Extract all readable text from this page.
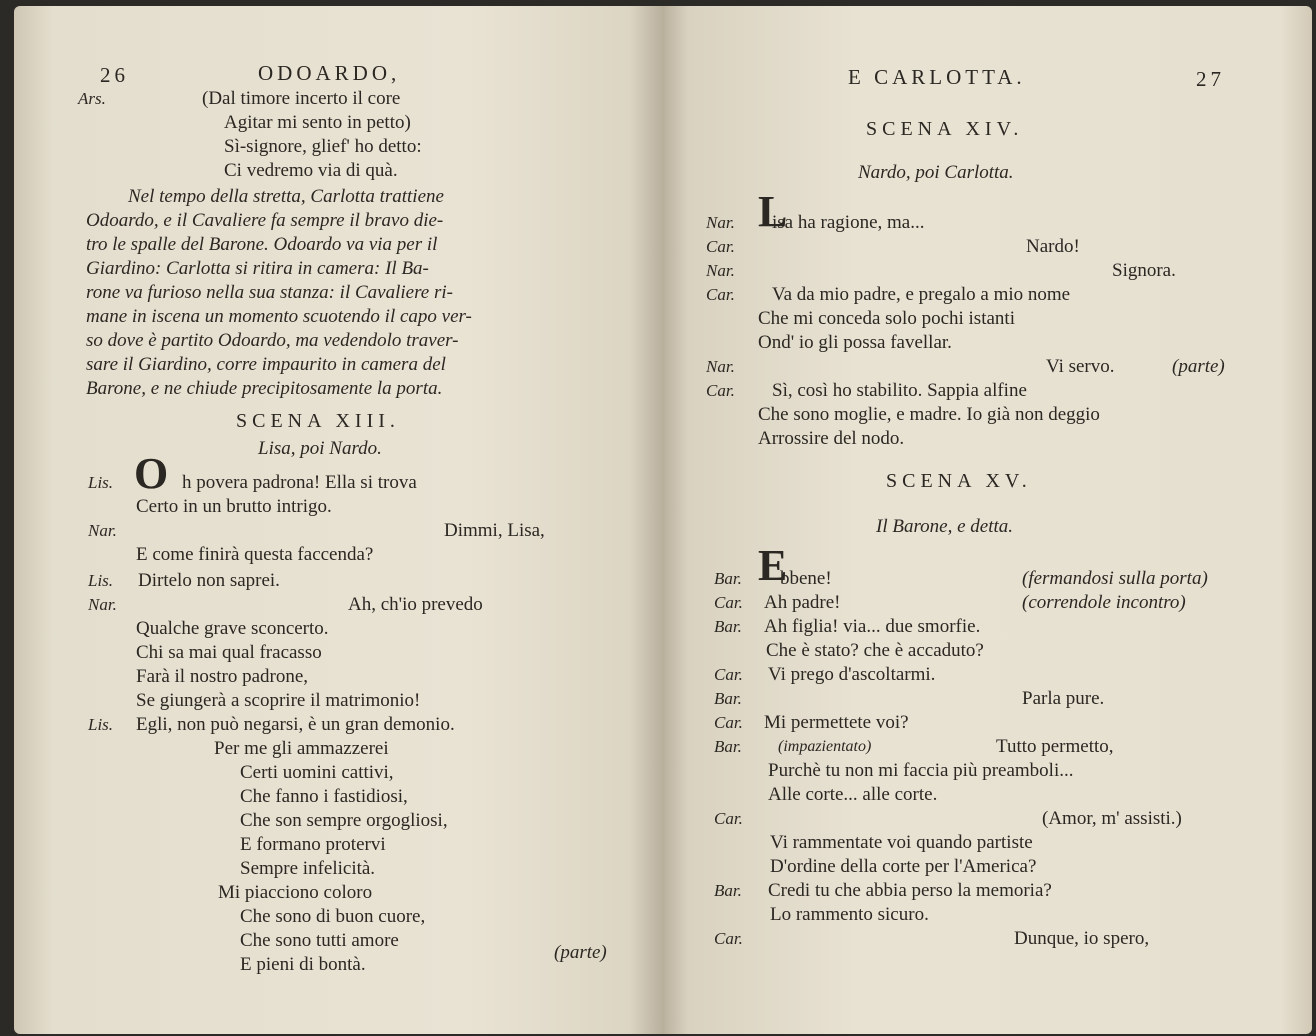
26	ODOARDO,
Ars.	(Dal timore incerto il core
Agitar mi sento in petto)
Sì-signore, glief' ho detto:
Ci vedremo via di quà.
Nel tempo della stretta, Carlotta trattiene
Odoardo, e il Cavaliere fa sempre il bravo die-
tro le spalle del Barone. Odoardo va via per il
Giardino: Carlotta si ritira in camera: Il Ba-
rone va furioso nella sua stanza: il Cavaliere ri-
mane in iscena un momento scuotendo il capo ver-
so dove è partito Odoardo, ma vedendolo traver-
sare il Giardino, corre impaurito in camera del
Barone, e ne chiude precipitosamente la porta.
SCENA XIII.
Lisa, poi Nardo.
Lis. O h povera padrona! Ella si trova
Certo in un brutto intrigo.
Nar.	Dimmi, Lisa,
E come finirà questa faccenda?
Lis. Dirtelo non saprei.
Nar.	Ah, ch'io prevedo
Qualche grave sconcerto.
Chi sa mai qual fracasso
Farà il nostro padrone,
Se giungerà a scoprire il matrimonio!
Lis. Egli, non può negarsi, è un gran demonio.
Per me gli ammazzerei
Certi uomini cattivi,
Che fanno i fastidiosi,
Che son sempre orgogliosi,
E formano protervi
Sempre infelicità.
Mi piacciono coloro
Che sono di buon cuore,
Che sono tutti amore
E pieni di bontà.
(parte)
E CARLOTTA.	27
SCENA XIV.
Nardo, poi Carlotta.
Nar. L
isa ha ragione, ma...
Car.	Nardo!
Nar.	Signora.
Car. Va da mio padre, e pregalo a mio nome
Che mi conceda solo pochi istanti
Ond' io gli possa favellar.
Nar.	Vi servo.	(parte)
Car. Sì, così ho stabilito. Sappia alfine
Che sono moglie, e madre. Io già non deggio
Arrossire del nodo.
SCENA XV.
Il Barone, e detta.
Bar. E
bbene!	(fermandosi sulla porta)
Car. Ah padre!	(correndole incontro)
Bar. Ah figlia! via... due smorfie.
Che è stato? che è accaduto?
Car. Vi prego d'ascoltarmi.
Bar.	Parla pure.
Car. Mi permettete voi?
Bar. (impazientato)	Tutto permetto,
Purchè tu non mi faccia più preamboli...
Alle corte... alle corte.
Car.	(Amor, m' assisti.)
Vi rammentate voi quando partiste
D'ordine della corte per l'America?
Bar. Credi tu che abbia perso la memoria?
Lo rammento sicuro.
Car.	Dunque, io spero,
